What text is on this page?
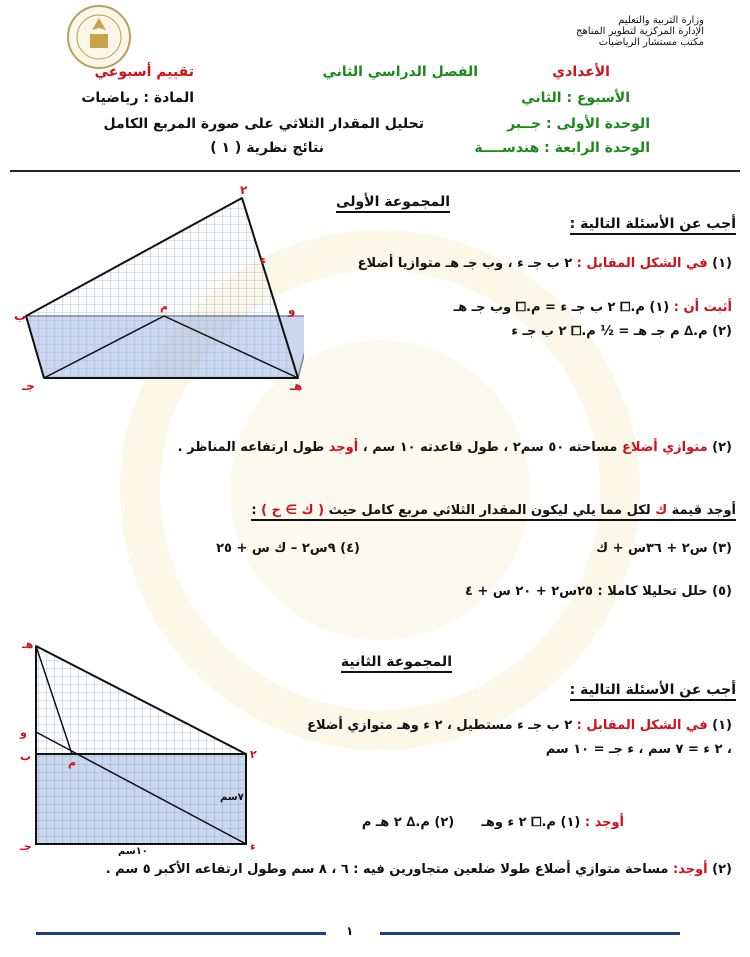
وزارة التربية والتعليم
الإدارة المركزية لتطوير المناهج
مكتب مستشار الرياضيات
الأعدادي
الفصل الدراسي الثاني
تقييم أسبوعي
الأسبوع : الثاني
المادة : رياضيات
الوحدة الأولى : جــبر
تحليل المقدار الثلاثي على صورة المربع الكامل
الوحدة الرابعة : هندســــة
نتائج نظرية ( ١ )
٢
ب
جـ
ء
هـ
و
م
المجموعة الأولى
أجب عن الأسئلة التالية :
(١) في الشكل المقابل : ٢ ب جـ ء ، وب جـ هـ متوازيا أضلاع
أثبت أن : (١) م.⧠ ٢ ب جـ ء = م.⧠ وب جـ هـ
(٢) م.∆ م جـ هـ = ½ م.⧠ ٢ ب جـ ء
(٢) متوازي أضلاع مساحته ٥٠ سم٢ ، طول قاعدته ١٠ سم ، أوجد طول ارتفاعه المناظر .
أوجد قيمة ك لكل مما يلي ليكون المقدار الثلاثي مربع كامل حيث ( ك ∋ ح ) :
(٣) س٢ + ٣٦س + ك
(٤) ٩س٢ – ك س + ٢٥
(٥) حلل تحليلا كاملا : ٢٥س٢ + ٢٠ س + ٤
هـ
و
ب	م
٢
ء
جـ
٧سم
١٠سم
المجموعة الثانية
أجب عن الأسئلة التالية :
(١) في الشكل المقابل : ٢ ب جـ ء مستطيل ، ٢ ء وهـ متوازي أضلاع
، ٢ ء = ٧ سم ، ء جـ = ١٠ سم
أوجد : (١) م.⧠ ٢ ء وهـ      (٢) م.∆ ٢ هـ م
(٢) أوجد: مساحة متوازي أضلاع طولا ضلعين متجاورين فيه : ٦ ، ٨ سم وطول ارتفاعه الأكبر ٥ سم .
١
